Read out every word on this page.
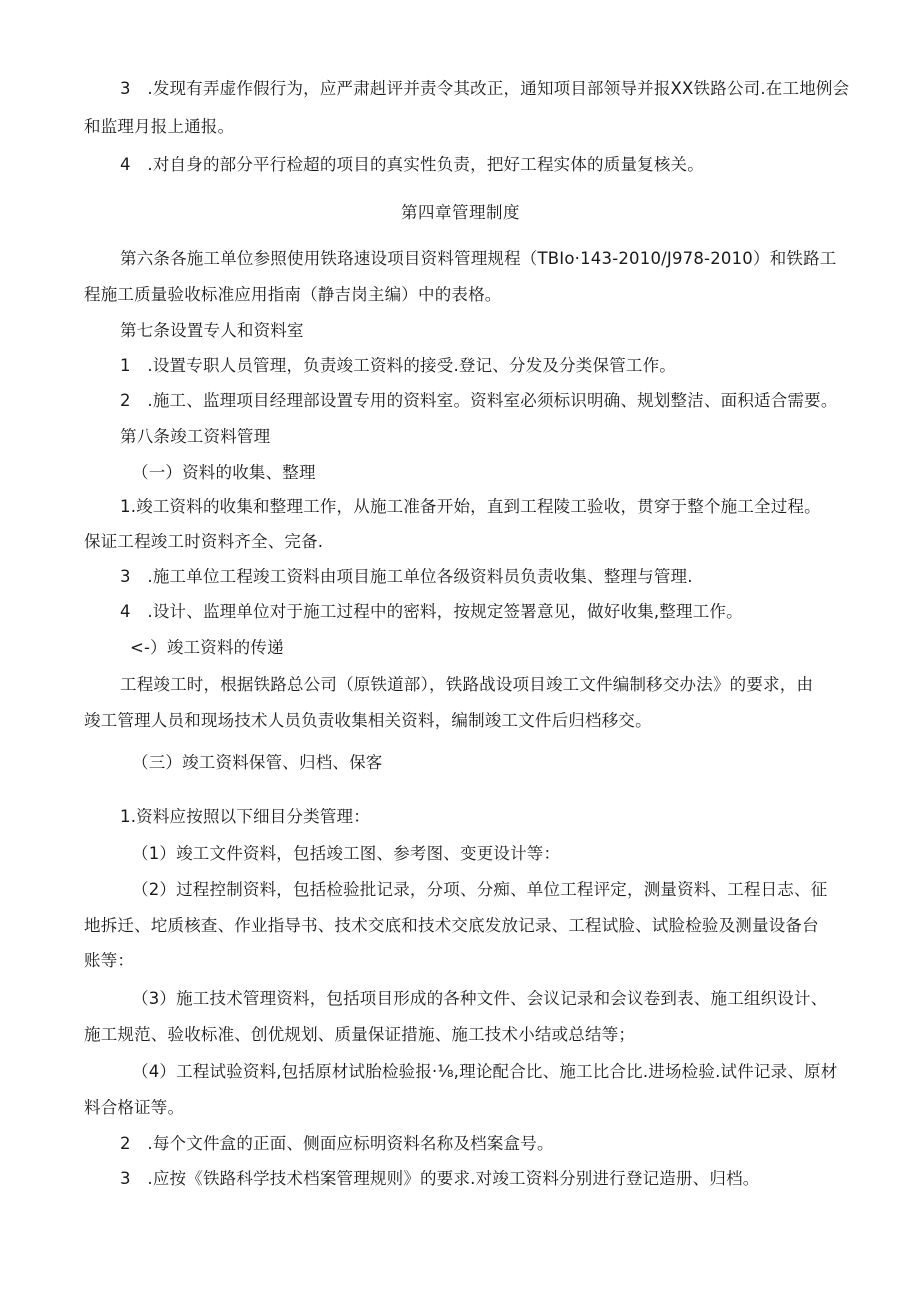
3　.发现有弄虚作假行为，应严肃赳评并责令其改正，通知项目部领导并报XX铁路公司.在工地例会
和监理月报上通报。
4　.对自身的部分平行检超的项目的真实性负责，把好工程实体的质量复核关。
第四章管理制度
第六条各施工单位参照使用铁珞速设项目资料管理规程（TBIo·143-2010/J978-2010）和铁路工
程施工质量验收标准应用指南（静吉岗主编）中的表格。
第七条设置专人和资料室
1　.设置专职人员管理，负责竣工资料的接受.登记、分发及分类保管工作。
2　.施工、监理项目经理部设置专用的资料室。资料室必须标识明确、规划整洁、面积适合需要。
第八条竣工资料管理
（一）资料的收集、整理
1.竣工资料的收集和整理工作，从施工准备开始，直到工程陵工验收，贯穿于整个施工全过程。
保证工程竣工时资料齐全、完备.
3　.施工单位工程竣工资料由项目施工单位各级资料员负责收集、整理与管理.
4　.设计、监理单位对于施工过程中的密料，按规定签署意见，做好收集,整理工作。
<-）竣工资料的传递
工程竣工时，根据铁路总公司（原铁道部），铁路战设项目竣工文件编制移交办法》的要求，由
竣工管理人员和现场技术人员负责收集相关资料，编制竣工文件后归档移交。
（三）竣工资料保管、归档、保客
1.资料应按照以下细目分类管理：
（1）竣工文件资料，包括竣工图、参考图、变更设计等：
（2）过程控制资料，包括检验批记录，分项、分痴、单位工程评定，测量资料、工程日志、征
地拆迁、坨质核查、作业指导书、技术交底和技术交底发放记录、工程试脸、试脸检验及测量设备台
账等：
（3）施工技术管理资料，包括项目形成的各种文件、会议记录和会议卷到表、施工组织设计、
施工规范、验收标准、创优规划、质量保证措施、施工技术小结或总结等；
（4）工程试验资料,包括原材试胎检验报·⅛,理论配合比、施工比合比.进场检验.试件记录、原材
料合格证等。
2　.每个文件盒的正面、侧面应标明资料名称及档案盒号。
3　.应按《铁路科学技术档案管理规则》的要求.对竣工资料分别进行登记造册、归档。
